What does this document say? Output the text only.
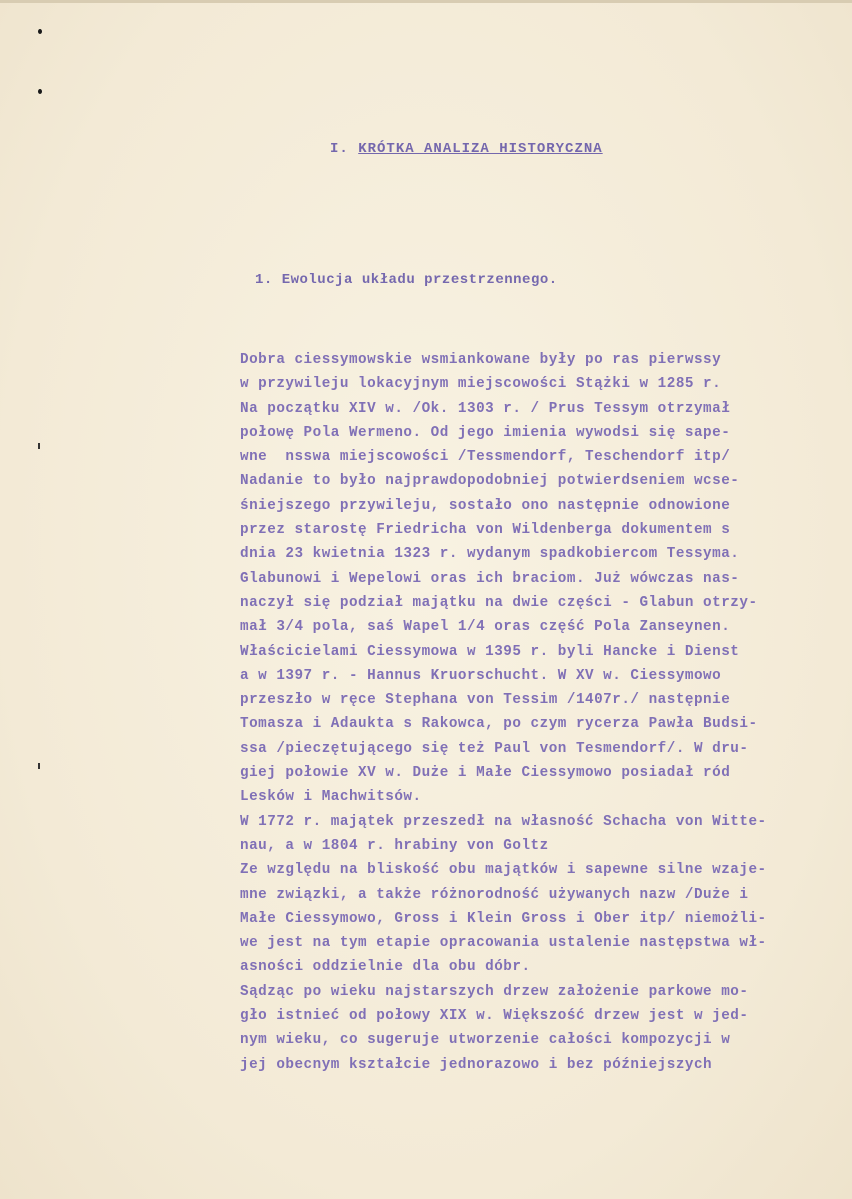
I. KRÓTKA ANALIZA HISTORYCZNA

1. Ewolucja układu przestrzennego.

Dobra ciessymowskie wsmiankowane były po ras pierwssy
w przywileju lokacyjnym miejscowości Stążki w 1285 r.
Na początku XIV w. /Ok. 1303 r. / Prus Tessym otrzymał
połowę Pola Wermeno. Od jego imienia wywodsi się sape-
wne  nsswa miejscowości /Tessmendorf, Teschendorf itp/
Nadanie to było najprawdopodobniej potwierdseniem wcse-
śniejszego przywileju, sostało ono następnie odnowione
przez starostę Friedricha von Wildenberga dokumentem s
dnia 23 kwietnia 1323 r. wydanym spadkobiercom Tessyma.
Glabunowi i Wepelowi oras ich braciom. Już wówczas nas-
naczył się podział majątku na dwie części - Glabun otrzy-
mał 3/4 pola, saś Wapel 1/4 oras część Pola Zanseynen.
Właścicielami Ciessymowa w 1395 r. byli Hancke i Dienst
a w 1397 r. - Hannus Kruorschucht. W XV w. Ciessymowo
przeszło w ręce Stephana von Tessim /1407r./ następnie
Tomasza i Adaukta s Rakowca, po czym rycerza Pawła Budsi-
ssa /pieczętującego się też Paul von Tesmendorf/. W dru-
giej połowie XV w. Duże i Małe Ciessymowo posiadał ród
Lesków i Machwitsów.
W 1772 r. majątek przeszedł na własność Schacha von Witte-
nau, a w 1804 r. hrabiny von Goltz
Ze względu na bliskość obu majątków i sapewne silne wzaje-
mne związki, a także różnorodność używanych nazw /Duże i
Małe Ciessymowo, Gross i Klein Gross i Ober itp/ niemożli-
we jest na tym etapie opracowania ustalenie następstwa wł-
asności oddzielnie dla obu dóbr.
Sądząc po wieku najstarszych drzew założenie parkowe mo-
gło istnieć od połowy XIX w. Większość drzew jest w jed-
nym wieku, co sugeruje utworzenie całości kompozycji w
jej obecnym kształcie jednorazowo i bez późniejszych
